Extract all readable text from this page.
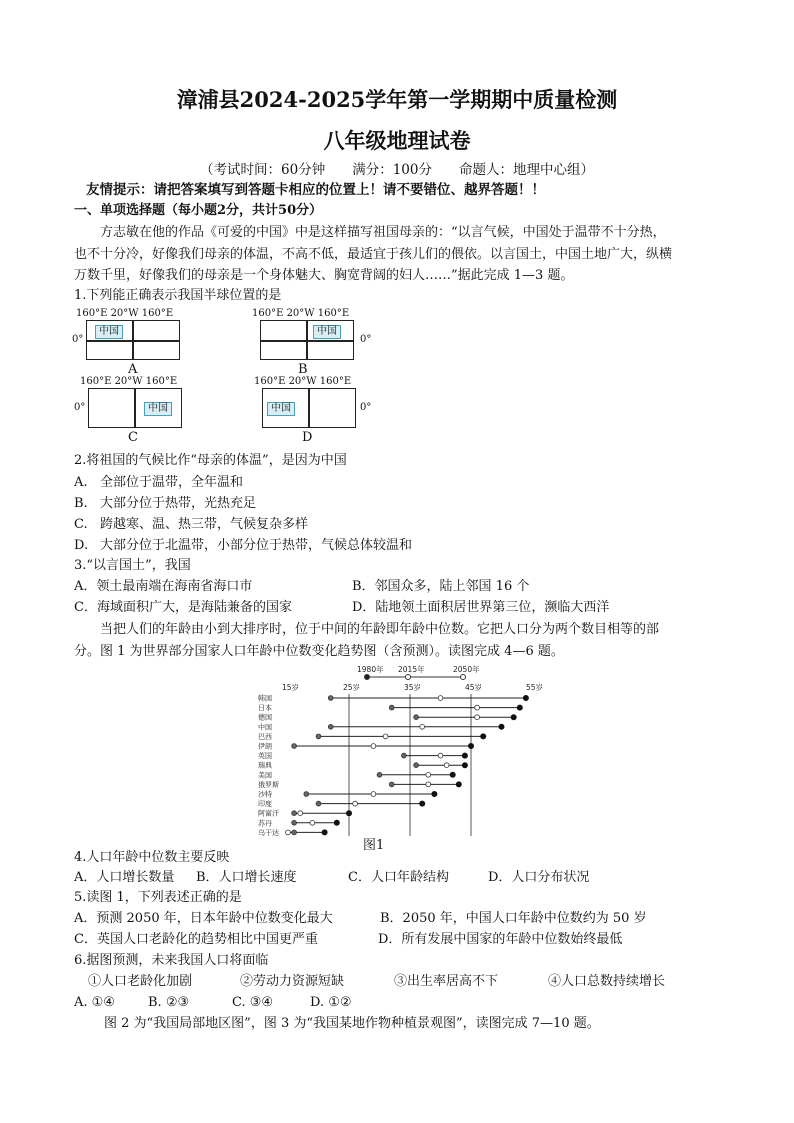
漳浦县2024-2025学年第一学期期中质量检测
八年级地理试卷
（考试时间：60分钟　　满分：100分　　命题人：地理中心组）
友情提示：请把答案填写到答题卡相应的位置上！请不要错位、越界答题！！
一、单项选择题（每小题2分，共计50分）
方志敏在他的作品《可爱的中国》中是这样描写祖国母亲的：“以言气候，中国处于温带不十分热，
也不十分冷，好像我们母亲的体温，不高不低，最适宜于孩儿们的偎依。以言国土，中国土地广大，纵横
万数千里，好像我们的母亲是一个身体魅大、胸宽背阔的妇人……”据此完成 1—3 题。
1.下列能正确表示我国半球位置的是
160°E 20°W 160°E
0°
中国
A
160°E 20°W 160°E
0°
中国
B
160°E 20°W 160°E
0°	中国
C
160°E 20°W 160°E
0°
中国
D
2.将祖国的气候比作“母亲的体温”，是因为中国
A. 全部位于温带，全年温和
B. 大部分位于热带，光热充足
C. 跨越寒、温、热三带，气候复杂多样
D. 大部分位于北温带，小部分位于热带，气候总体较温和
3.“以言国土”，我国
A．领土最南端在海南省海口市	B．邻国众多，陆上邻国 16 个
C．海域面积广大，是海陆兼备的国家	D．陆地领土面积居世界第三位，濒临大西洋
当把人们的年龄由小到大排序时，位于中间的年龄即年龄中位数。它把人口分为两个数目相等的部
分。图 1 为世界部分国家人口年龄中位数变化趋势图（含预测）。读图完成 4—6 题。
1980年 2015年	2050年
15岁	25岁	35岁	45岁	55岁
韩国
日本
德国
中国
巴西
伊朗
英国
瑞典
美国
俄罗斯
沙特
印度
阿富汗
苏丹
乌干达
图1
4.人口年龄中位数主要反映
A．人口增长数量 B．人口增长速度	C．人口年龄结构	D．人口分布状况
5.读图 1，下列表述正确的是
A．预测 2050 年，日本年龄中位数变化最大	B．2050 年，中国人口年龄中位数约为 50 岁
C．英国人口老龄化的趋势相比中国更严重	D．所有发展中国家的年龄中位数始终最低
6.据图预测，未来我国人口将面临
①人口老龄化加剧	②劳动力资源短缺	③出生率居高不下	④人口总数持续增长
A. ①④	B. ②③	C. ③④	D. ①②
图 2 为“我国局部地区图”，图 3 为“我国某地作物种植景观图”，读图完成 7—10 题。
